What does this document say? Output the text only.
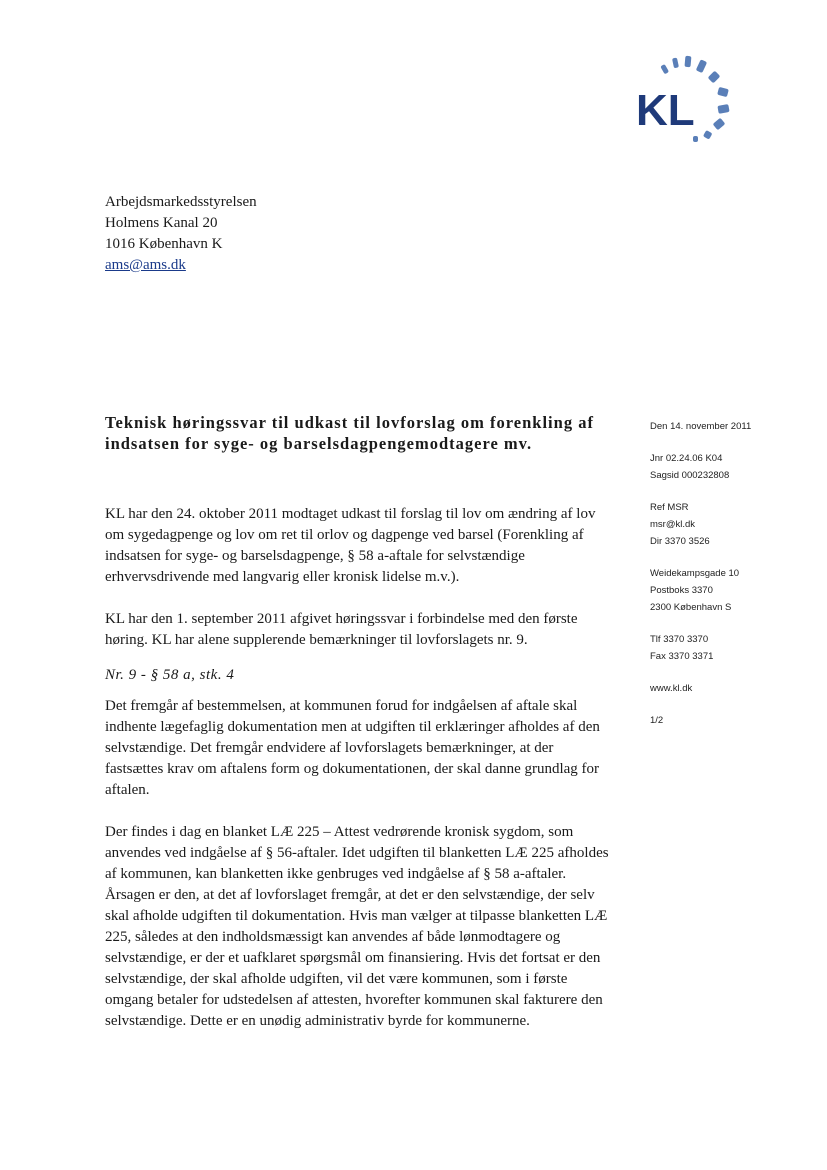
KL
Arbejdsmarkedsstyrelsen
Holmens Kanal 20
1016 København K
ams@ams.dk
Teknisk høringssvar til udkast til lovforslag om forenkling af indsatsen for syge- og barselsdagpengemodtagere mv.

KL har den 24. oktober 2011 modtaget udkast til forslag til lov om ændring af lov om sygedagpenge og lov om ret til orlov og dagpenge ved barsel (Forenkling af indsatsen for syge- og barselsdagpenge, § 58 a-aftale for selvstændige erhvervsdrivende med langvarig eller kronisk lidelse m.v.).

KL har den 1. september 2011 afgivet høringssvar i forbindelse med den første høring. KL har alene supplerende bemærkninger til lovforslagets nr. 9.

Nr. 9 - § 58 a, stk. 4

Det fremgår af bestemmelsen, at kommunen forud for indgåelsen af aftale skal indhente lægefaglig dokumentation men at udgiften til erklæringer afholdes af den selvstændige. Det fremgår endvidere af lovforslagets bemærkninger, at der fastsættes krav om aftalens form og dokumentationen, der skal danne grundlag for aftalen.

Der findes i dag en blanket LÆ 225 – Attest vedrørende kronisk sygdom, som anvendes ved indgåelse af § 56-aftaler. Idet udgiften til blanketten LÆ 225 afholdes af kommunen, kan blanketten ikke genbruges ved indgåelse af § 58 a-aftaler. Årsagen er den, at det af lovforslaget fremgår, at det er den selvstændige, der selv skal afholde udgiften til dokumentation. Hvis man vælger at tilpasse blanketten LÆ 225, således at den indholdsmæssigt kan anvendes af både lønmodtagere og selvstændige, er der et uafklaret spørgsmål om finansiering. Hvis det fortsat er den selvstændige, der skal afholde udgiften, vil det være kommunen, som i første omgang betaler for udstedelsen af attesten, hvorefter kommunen skal fakturere den selvstændige. Dette er en unødig administrativ byrde for kommunerne.

Den 14. november 2011
Jnr 02.24.06 K04
Sagsid 000232808
Ref MSR
msr@kl.dk
Dir 3370 3526
Weidekampsgade 10
Postboks 3370
2300 København S
Tlf 3370 3370
Fax 3370 3371
www.kl.dk
1/2
